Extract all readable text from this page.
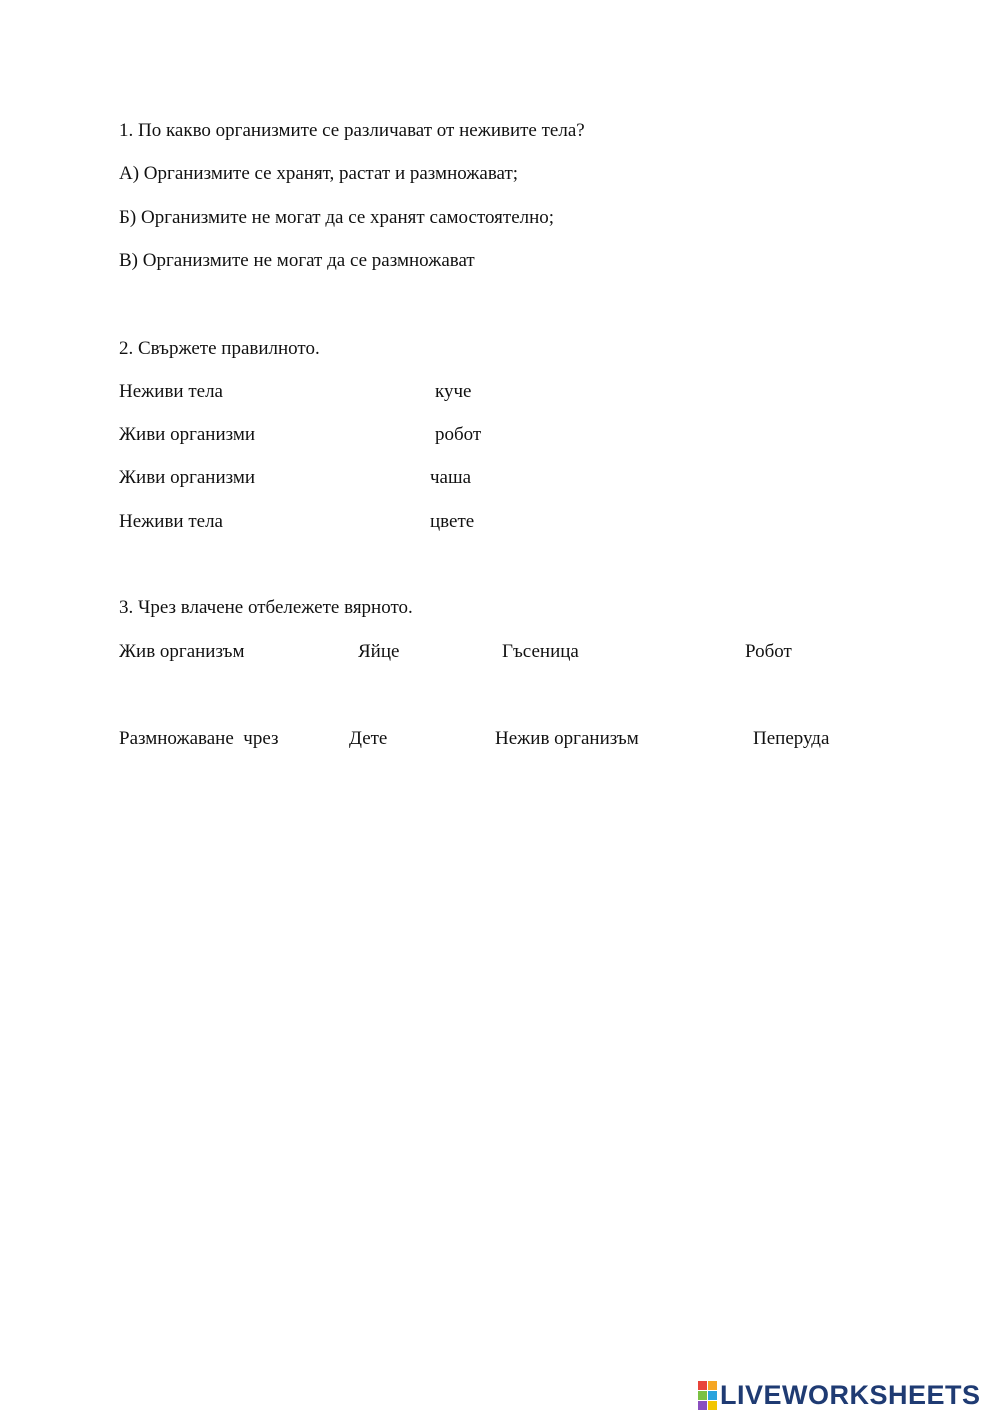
1. По какво организмите се различават от неживите тела?
А) Организмите се хранят, растат и размножават;
Б) Организмите не могат да се хранят самостоятелно;
В) Организмите не могат да се размножават
2. Свържете правилното.
Неживи тела	куче
Живи организми	робот
Живи организми	чаша
Неживи тела	цвете
3. Чрез влачене отбележете вярното.
Жив организъм	Яйце	Гъсеница	Робот
Размножаване  чрез	Дете	Нежив организъм	Пеперуда
LIVEWORKSHEETS
